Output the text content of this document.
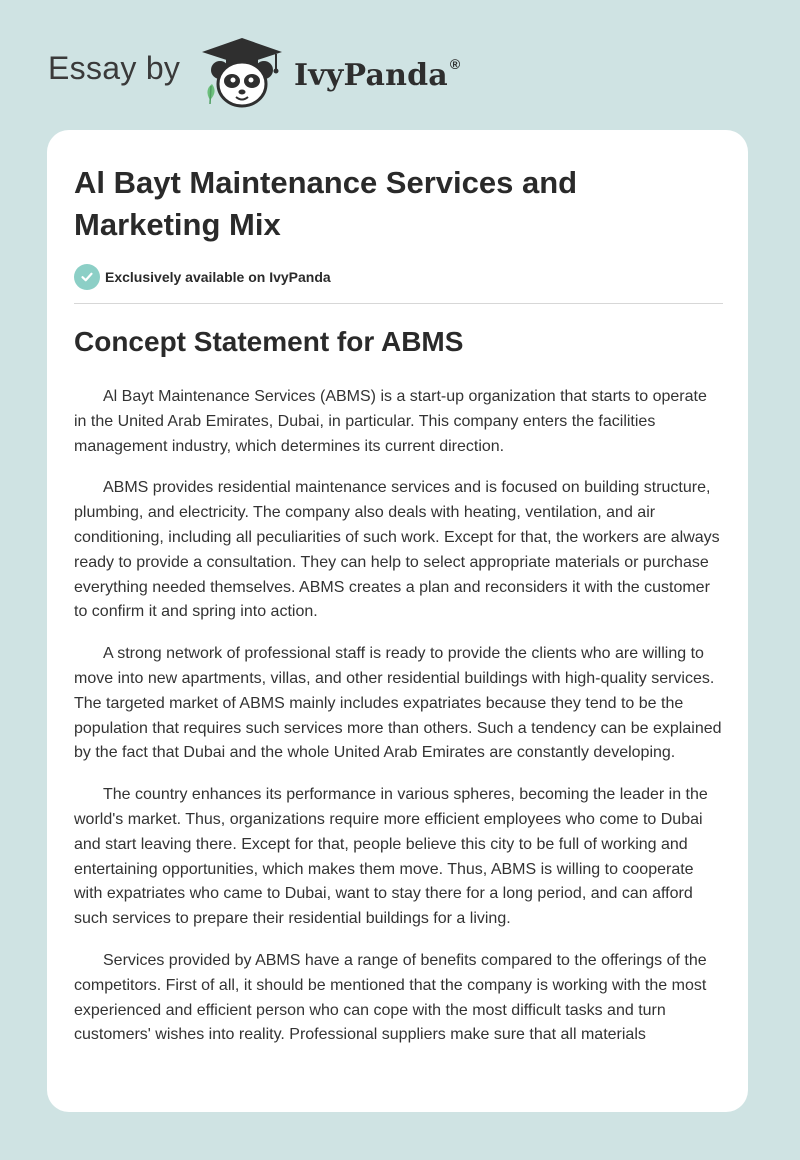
Essay by	IvyPanda ®
Al Bayt Maintenance Services and Marketing Mix
Exclusively available on IvyPanda
Concept Statement for ABMS

Al Bayt Maintenance Services (ABMS) is a start-up organization that starts to operate in the United Arab Emirates, Dubai, in particular. This company enters the facilities management industry, which determines its current direction.

ABMS provides residential maintenance services and is focused on building structure, plumbing, and electricity. The company also deals with heating, ventilation, and air conditioning, including all peculiarities of such work. Except for that, the workers are always ready to provide a consultation. They can help to select appropriate materials or purchase everything needed themselves. ABMS creates a plan and reconsiders it with the customer to confirm it and spring into action.

A strong network of professional staff is ready to provide the clients who are willing to move into new apartments, villas, and other residential buildings with high-quality services. The targeted market of ABMS mainly includes expatriates because they tend to be the population that requires such services more than others. Such a tendency can be explained by the fact that Dubai and the whole United Arab Emirates are constantly developing.

The country enhances its performance in various spheres, becoming the leader in the world's market. Thus, organizations require more efficient employees who come to Dubai and start leaving there. Except for that, people believe this city to be full of working and entertaining opportunities, which makes them move. Thus, ABMS is willing to cooperate with expatriates who came to Dubai, want to stay there for a long period, and can afford such services to prepare their residential buildings for a living.

Services provided by ABMS have a range of benefits compared to the offerings of the competitors. First of all, it should be mentioned that the company is working with the most experienced and efficient person who can cope with the most difficult tasks and turn customers' wishes into reality. Professional suppliers make sure that all materials
